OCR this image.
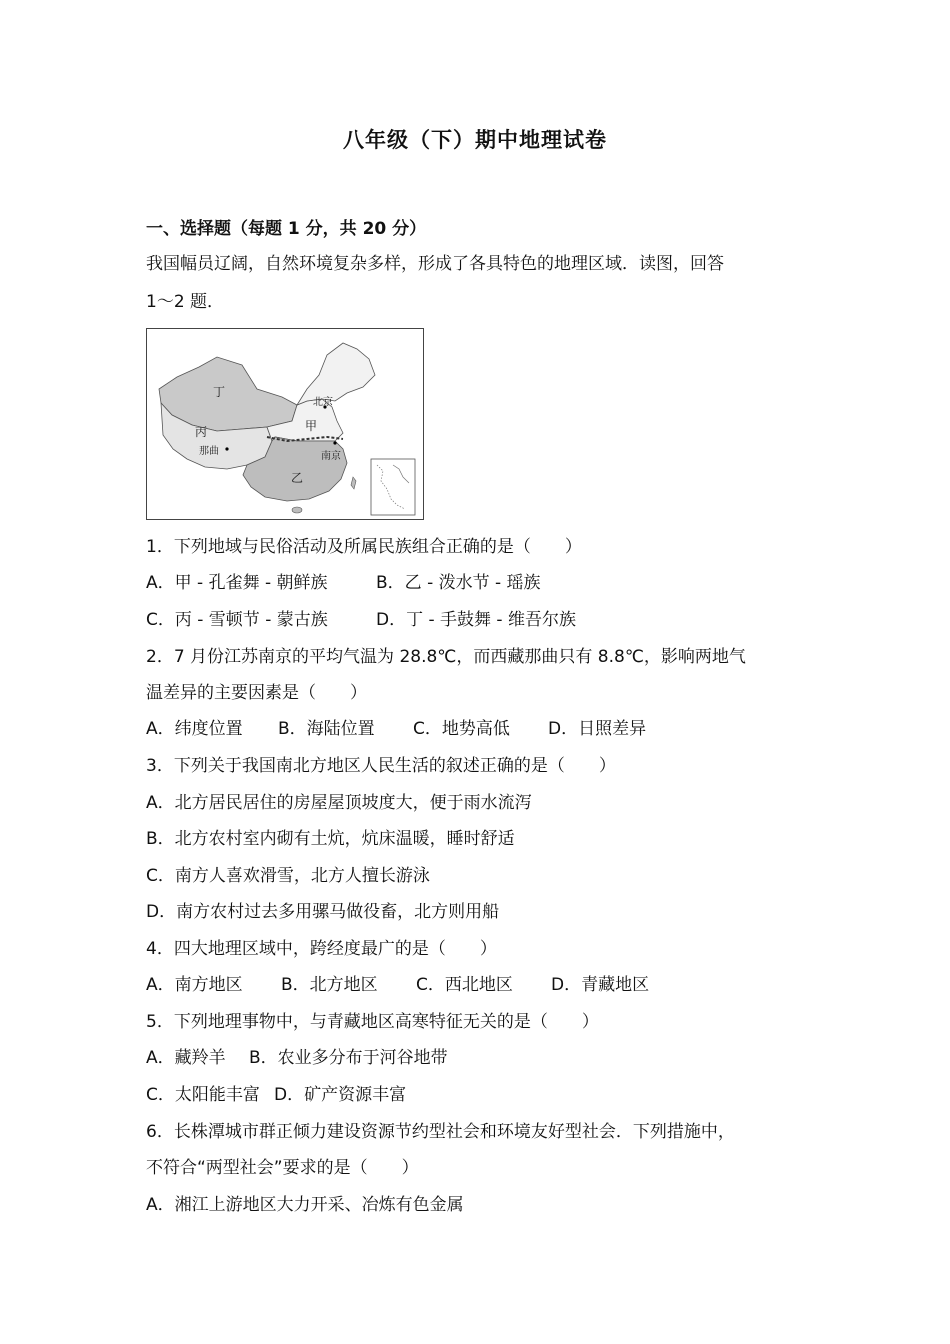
八年级（下）期中地理试卷
一、选择题（每题 1 分，共 20 分）
我国幅员辽阔，自然环境复杂多样，形成了各具特色的地理区域．读图，回答
1～2 题．
丁
北京
丙	甲
那曲	南京
乙
1．下列地域与民俗活动及所属民族组合正确的是（　　）
A．甲 - 孔雀舞 - 朝鲜族	B．乙 - 泼水节 - 瑶族
C．丙 - 雪顿节 - 蒙古族	D．丁 - 手鼓舞 - 维吾尔族
2．7 月份江苏南京的平均气温为 28.8℃，而西藏那曲只有 8.8℃，影响两地气
温差异的主要因素是（　　）
A．纬度位置 B．海陆位置 C．地势高低 D．日照差异
3．下列关于我国南北方地区人民生活的叙述正确的是（　　）
A．北方居民居住的房屋屋顶坡度大，便于雨水流泻
B．北方农村室内砌有土炕，炕床温暖，睡时舒适
C．南方人喜欢滑雪，北方人擅长游泳
D．南方农村过去多用骡马做役畜，北方则用船
4．四大地理区域中，跨经度最广的是（　　）
A．南方地区 B．北方地区 C．西北地区 D．青藏地区
5．下列地理事物中，与青藏地区高寒特征无关的是（　　）
A．藏羚羊 B．农业多分布于河谷地带
C．太阳能丰富 D．矿产资源丰富
6．长株潭城市群正倾力建设资源节约型社会和环境友好型社会．下列措施中，
不符合“两型社会”要求的是（　　）
A．湘江上游地区大力开采、冶炼有色金属
